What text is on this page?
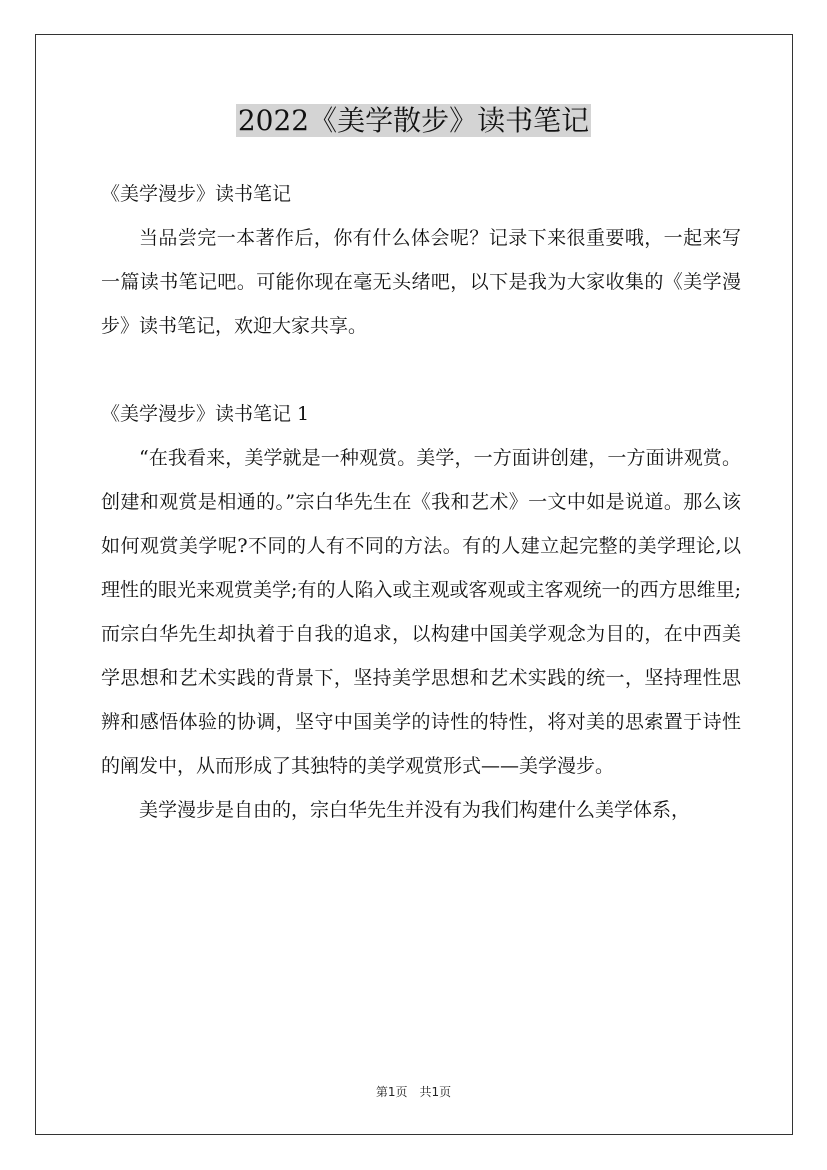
2022《美学散步》读书笔记

《美学漫步》读书笔记

当品尝完一本著作后，你有什么体会呢？记录下来很重要哦，一起来写一篇读书笔记吧。可能你现在毫无头绪吧，以下是我为大家收集的《美学漫步》读书笔记，欢迎大家共享。

《美学漫步》读书笔记 1

“在我看来，美学就是一种观赏。美学，一方面讲创建，一方面讲观赏。创建和观赏是相通的。”宗白华先生在《我和艺术》一文中如是说道。那么该如何观赏美学呢?不同的人有不同的方法。有的人建立起完整的美学理论,以理性的眼光来观赏美学;有的人陷入或主观或客观或主客观统一的西方思维里;而宗白华先生却执着于自我的追求，以构建中国美学观念为目的，在中西美学思想和艺术实践的背景下，坚持美学思想和艺术实践的统一，坚持理性思辨和感悟体验的协调，坚守中国美学的诗性的特性，将对美的思索置于诗性的阐发中，从而形成了其独特的美学观赏形式——美学漫步。

美学漫步是自由的，宗白华先生并没有为我们构建什么美学体系，

第1页　共1页
